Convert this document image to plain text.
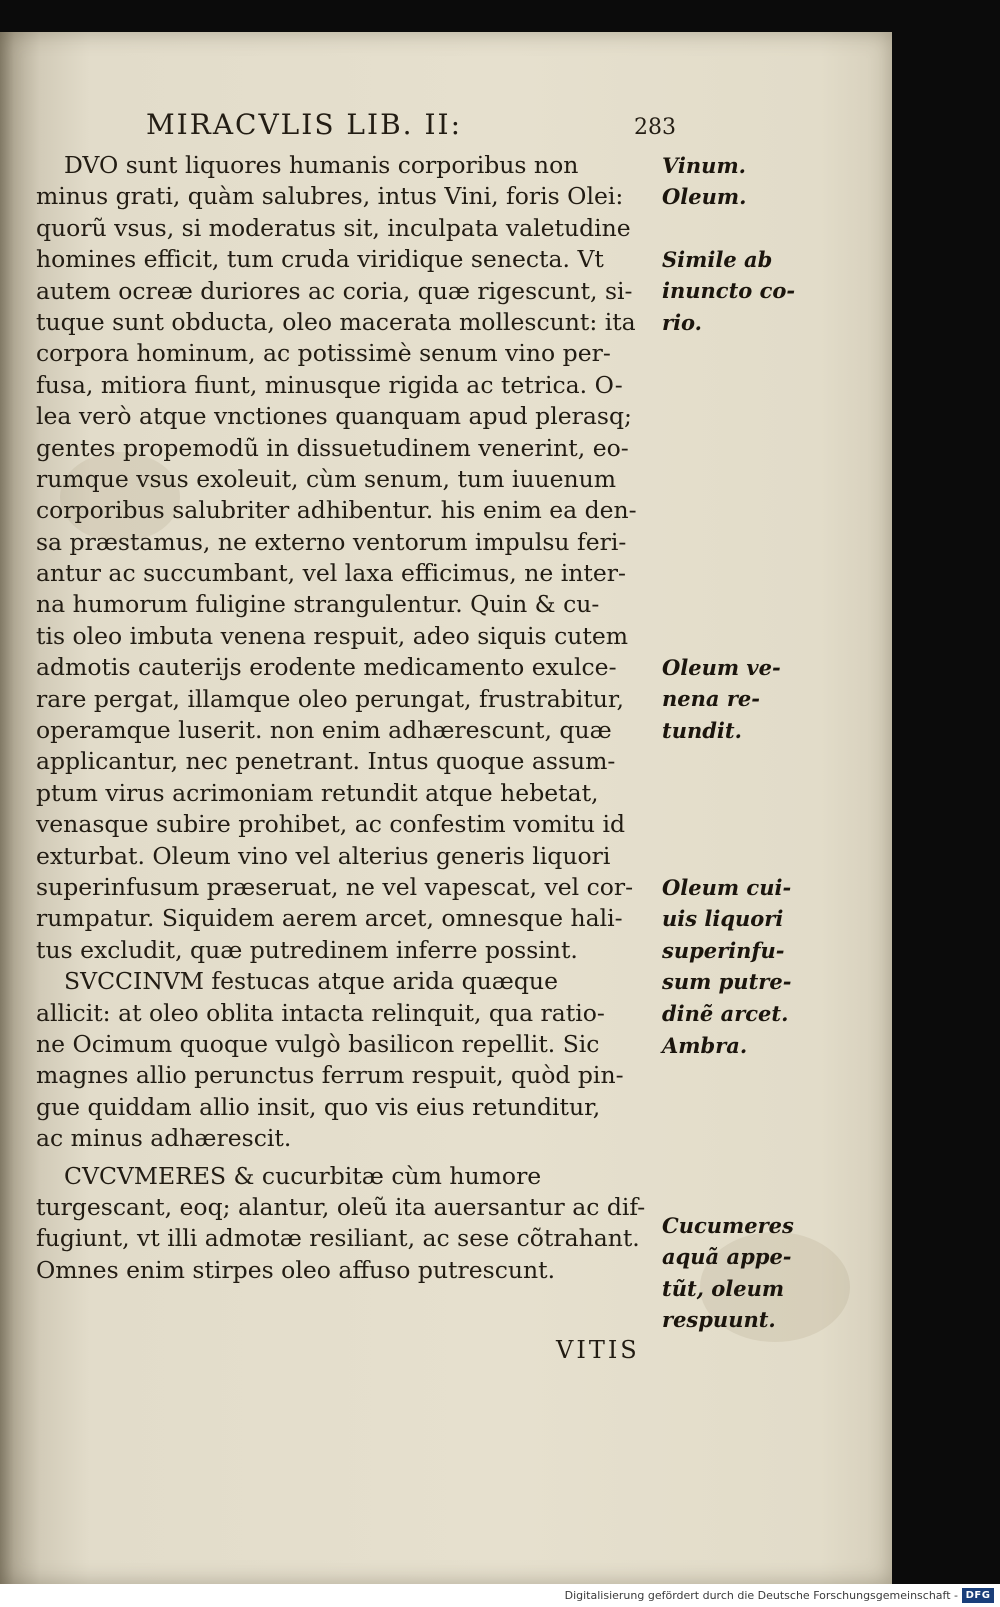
MIRACVLIS LIB. II:	283
DVO sunt liquores humanis corporibus non
minus grati, quàm salubres, intus Vini, foris Olei:
quorũ vsus, si moderatus sit, inculpata valetudine
homines efficit, tum cruda viridique senecta. Vt
autem ocreæ duriores ac coria, quæ rigescunt, si-
tuque sunt obducta, oleo macerata mollescunt: ita
corpora hominum, ac potissimè senum vino per-
fusa, mitiora fiunt, minusque rigida ac tetrica. O-
lea verò atque vnctiones quanquam apud plerasq;
gentes propemodũ in dissuetudinem venerint, eo-
rumque vsus exoleuit, cùm senum, tum iuuenum
corporibus salubriter adhibentur. his enim ea den-
sa præstamus, ne externo ventorum impulsu feri-
antur ac succumbant, vel laxa efficimus, ne inter-
na humorum fuligine strangulentur. Quin & cu-
tis oleo imbuta venena respuit, adeo siquis cutem
admotis cauterijs erodente medicamento exulce-
rare pergat, illamque oleo perungat, frustrabitur,
operamque luserit. non enim adhærescunt, quæ
applicantur, nec penetrant. Intus quoque assum-
ptum virus acrimoniam retundit atque hebetat,
venasque subire prohibet, ac confestim vomitu id
exturbat. Oleum vino vel alterius generis liquori
superinfusum præseruat, ne vel vapescat, vel cor-
rumpatur. Siquidem aerem arcet, omnesque hali-
tus excludit, quæ putredinem inferre possint.
SVCCINVM festucas atque arida quæque
allicit: at oleo oblita intacta relinquit, qua ratio-
ne Ocimum quoque vulgò basilicon repellit. Sic
magnes allio perunctus ferrum respuit, quòd pin-
gue quiddam allio insit, quo vis eius retunditur,
ac minus adhærescit.
CVCVMERES & cucurbitæ cùm humore
turgescant, eoq; alantur, oleũ ita auersantur ac dif-
fugiunt, vt illi admotæ resiliant, ac sese cõtrahant.
Omnes enim stirpes oleo affuso putrescunt.
Vinum.
Oleum.
Simile ab
inuncto co-
rio.
Oleum ve-
nena re-
tundit.
Oleum cui-
uis liquori
superinfu-
sum putre-
dinẽ arcet.
Ambra.
Cucumeres
aquã appe-
tũt, oleum
respuunt.
VITIS
Digitalisierung gefördert durch die Deutsche Forschungsgemeinschaft - DFG
